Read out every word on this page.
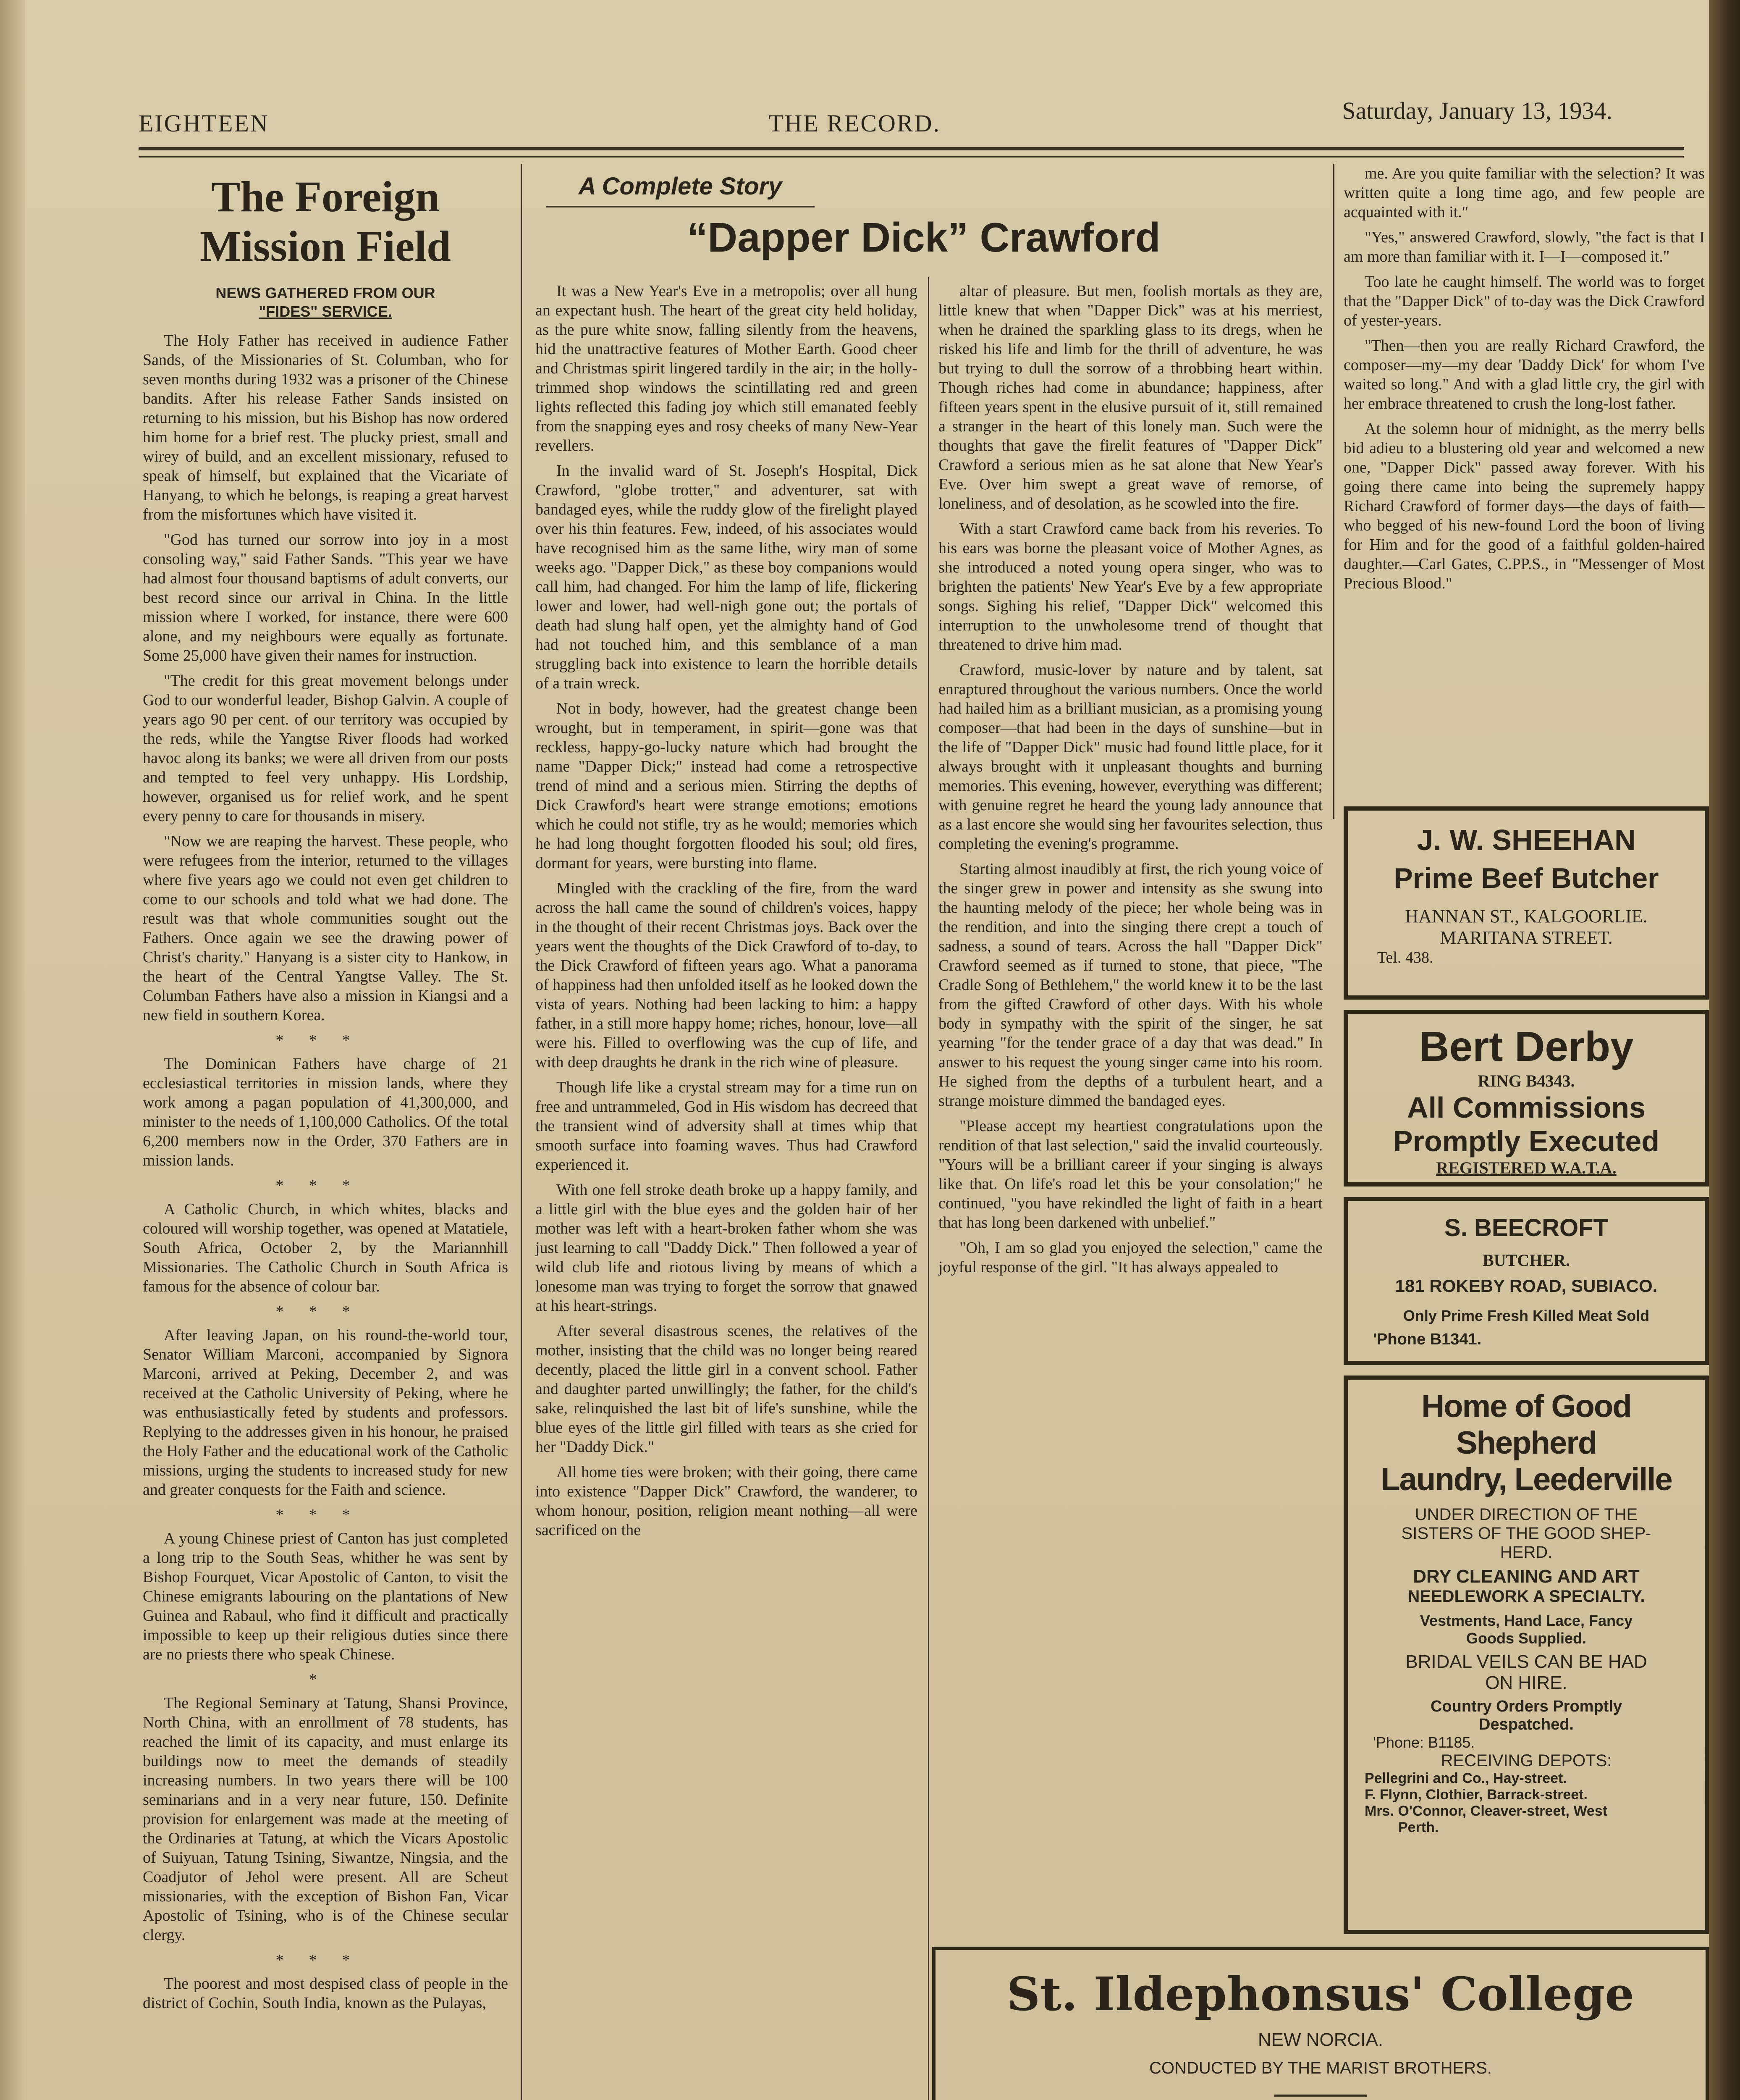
EIGHTEEN	THE RECORD.	Saturday, January 13, 1934.
The Foreign
Mission Field
NEWS GATHERED FROM OUR
"FIDES" SERVICE.

The Holy Father has received in audience Father Sands, of the Missionaries of St. Columban, who for seven months during 1932 was a prisoner of the Chinese bandits. After his release Father Sands insisted on returning to his mission, but his Bishop has now ordered him home for a brief rest. The plucky priest, small and wirey of build, and an excellent missionary, refused to speak of himself, but explained that the Vicariate of Hanyang, to which he belongs, is reaping a great harvest from the misfortunes which have visited it.

"God has turned our sorrow into joy in a most consoling way," said Father Sands. "This year we have had almost four thousand baptisms of adult converts, our best record since our arrival in China. In the little mission where I worked, for instance, there were 600 alone, and my neighbours were equally as fortunate. Some 25,000 have given their names for instruction.

"The credit for this great movement belongs under God to our wonderful leader, Bishop Galvin. A couple of years ago 90 per cent. of our territory was occupied by the reds, while the Yangtse River floods had worked havoc along its banks; we were all driven from our posts and tempted to feel very unhappy. His Lordship, however, organised us for relief work, and he spent every penny to care for thousands in misery.

"Now we are reaping the harvest. These people, who were refugees from the interior, returned to the villages where five years ago we could not even get children to come to our schools and told what we had done. The result was that whole communities sought out the Fathers. Once again we see the drawing power of Christ's charity." Hanyang is a sister city to Hankow, in the heart of the Central Yangtse Valley. The St. Columban Fathers have also a mission in Kiangsi and a new field in southern Korea.

***

The Dominican Fathers have charge of 21 ecclesiastical territories in mission lands, where they work among a pagan population of 41,300,000, and minister to the needs of 1,100,000 Catholics. Of the total 6,200 members now in the Order, 370 Fathers are in mission lands.

***

A Catholic Church, in which whites, blacks and coloured will worship together, was opened at Matatiele, South Africa, October 2, by the Mariannhill Missionaries. The Catholic Church in South Africa is famous for the absence of colour bar.

***

After leaving Japan, on his round-the-world tour, Senator William Marconi, accompanied by Signora Marconi, arrived at Peking, December 2, and was received at the Catholic University of Peking, where he was enthusiastically feted by students and professors. Replying to the addresses given in his honour, he praised the Holy Father and the educational work of the Catholic missions, urging the students to increased study for new and greater conquests for the Faith and science.

***

A young Chinese priest of Canton has just completed a long trip to the South Seas, whither he was sent by Bishop Fourquet, Vicar Apostolic of Canton, to visit the Chinese emigrants labouring on the plantations of New Guinea and Rabaul, who find it difficult and practically impossible to keep up their religious duties since there are no priests there who speak Chinese.

*

The Regional Seminary at Tatung, Shansi Province, North China, with an enrollment of 78 students, has reached the limit of its capacity, and must enlarge its buildings now to meet the demands of steadily increasing numbers. In two years there will be 100 seminarians and in a very near future, 150. Definite provision for enlargement was made at the meeting of the Ordinaries at Tatung, at which the Vicars Apostolic of Suiyuan, Tatung Tsining, Siwantze, Ningsia, and the Coadjutor of Jehol were present. All are Scheut missionaries, with the exception of Bishon Fan, Vicar Apostolic of Tsining, who is of the Chinese secular clergy.

***

The poorest and most despised class of people in the district of Cochin, South India, known as the Pulayas,

A Complete Story
“Dapper Dick” Crawford

It was a New Year's Eve in a metropolis; over all hung an expectant hush. The heart of the great city held holiday, as the pure white snow, falling silently from the heavens, hid the unattractive features of Mother Earth. Good cheer and Christmas spirit lingered tardily in the air; in the holly-trimmed shop windows the scintillating red and green lights reflected this fading joy which still emanated feebly from the snapping eyes and rosy cheeks of many New-Year revellers.

In the invalid ward of St. Joseph's Hospital, Dick Crawford, "globe trotter," and adventurer, sat with bandaged eyes, while the ruddy glow of the firelight played over his thin features. Few, indeed, of his associates would have recognised him as the same lithe, wiry man of some weeks ago. "Dapper Dick," as these boy companions would call him, had changed. For him the lamp of life, flickering lower and lower, had well-nigh gone out; the portals of death had slung half open, yet the almighty hand of God had not touched him, and this semblance of a man struggling back into existence to learn the horrible details of a train wreck.

Not in body, however, had the greatest change been wrought, but in temperament, in spirit—gone was that reckless, happy-go-lucky nature which had brought the name "Dapper Dick;" instead had come a retrospective trend of mind and a serious mien. Stirring the depths of Dick Crawford's heart were strange emotions; emotions which he could not stifle, try as he would; memories which he had long thought forgotten flooded his soul; old fires, dormant for years, were bursting into flame.

Mingled with the crackling of the fire, from the ward across the hall came the sound of children's voices, happy in the thought of their recent Christmas joys. Back over the years went the thoughts of the Dick Crawford of to-day, to the Dick Crawford of fifteen years ago. What a panorama of happiness had then unfolded itself as he looked down the vista of years. Nothing had been lacking to him: a happy father, in a still more happy home; riches, honour, love—all were his. Filled to overflowing was the cup of life, and with deep draughts he drank in the rich wine of pleasure.

Though life like a crystal stream may for a time run on free and untrammeled, God in His wisdom has decreed that the transient wind of adversity shall at times whip that smooth surface into foaming waves. Thus had Crawford experienced it.

With one fell stroke death broke up a happy family, and a little girl with the blue eyes and the golden hair of her mother was left with a heart-broken father whom she was just learning to call "Daddy Dick." Then followed a year of wild club life and riotous living by means of which a lonesome man was trying to forget the sorrow that gnawed at his heart-strings.

After several disastrous scenes, the relatives of the mother, insisting that the child was no longer being reared decently, placed the little girl in a convent school. Father and daughter parted unwillingly; the father, for the child's sake, relinquished the last bit of life's sunshine, while the blue eyes of the little girl filled with tears as she cried for her "Daddy Dick."

All home ties were broken; with their going, there came into existence "Dapper Dick" Crawford, the wanderer, to whom honour, position, religion meant nothing—all were sacrificed on the

altar of pleasure. But men, foolish mortals as they are, little knew that when "Dapper Dick" was at his merriest, when he drained the sparkling glass to its dregs, when he risked his life and limb for the thrill of adventure, he was but trying to dull the sorrow of a throbbing heart within. Though riches had come in abundance; happiness, after fifteen years spent in the elusive pursuit of it, still remained a stranger in the heart of this lonely man. Such were the thoughts that gave the firelit features of "Dapper Dick" Crawford a serious mien as he sat alone that New Year's Eve. Over him swept a great wave of remorse, of loneliness, and of desolation, as he scowled into the fire.

With a start Crawford came back from his reveries. To his ears was borne the pleasant voice of Mother Agnes, as she introduced a noted young opera singer, who was to brighten the patients' New Year's Eve by a few appropriate songs. Sighing his relief, "Dapper Dick" welcomed this interruption to the unwholesome trend of thought that threatened to drive him mad.

Crawford, music-lover by nature and by talent, sat enraptured throughout the various numbers. Once the world had hailed him as a brilliant musician, as a promising young composer—that had been in the days of sunshine—but in the life of "Dapper Dick" music had found little place, for it always brought with it unpleasant thoughts and burning memories. This evening, however, everything was different; with genuine regret he heard the young lady announce that as a last encore she would sing her favourites selection, thus completing the evening's programme.

Starting almost inaudibly at first, the rich young voice of the singer grew in power and intensity as she swung into the haunting melody of the piece; her whole being was in the rendition, and into the singing there crept a touch of sadness, a sound of tears. Across the hall "Dapper Dick" Crawford seemed as if turned to stone, that piece, "The Cradle Song of Bethlehem," the world knew it to be the last from the gifted Crawford of other days. With his whole body in sympathy with the spirit of the singer, he sat yearning "for the tender grace of a day that was dead." In answer to his request the young singer came into his room. He sighed from the depths of a turbulent heart, and a strange moisture dimmed the bandaged eyes.

"Please accept my heartiest congratulations upon the rendition of that last selection," said the invalid courteously. "Yours will be a brilliant career if your singing is always like that. On life's road let this be your consolation;" he continued, "you have rekindled the light of faith in a heart that has long been darkened with unbelief."

"Oh, I am so glad you enjoyed the selection," came the joyful response of the girl. "It has always appealed to

me. Are you quite familiar with the selection? It was written quite a long time ago, and few people are acquainted with it."

"Yes," answered Crawford, slowly, "the fact is that I am more than familiar with it. I—I—composed it."

Too late he caught himself. The world was to forget that the "Dapper Dick" of to-day was the Dick Crawford of yester-years.

"Then—then you are really Richard Crawford, the composer—my—my dear 'Daddy Dick' for whom I've waited so long." And with a glad little cry, the girl with her embrace threatened to crush the long-lost father.

At the solemn hour of midnight, as the merry bells bid adieu to a blustering old year and welcomed a new one, "Dapper Dick" passed away forever. With his going there came into being the supremely happy Richard Crawford of former days—the days of faith—who begged of his new-found Lord the boon of living for Him and for the good of a faithful golden-haired daughter.—Carl Gates, C.PP.S., in "Messenger of Most Precious Blood."

J. W. SHEEHAN
Prime Beef Butcher
HANNAN ST., KALGOORLIE.
MARITANA STREET.
Tel. 438.
Bert Derby
RING B4343.
All Commissions
Promptly Executed
REGISTERED W.A.T.A.
S. BEECROFT
BUTCHER.
181 ROKEBY ROAD, SUBIACO.
Only Prime Fresh Killed Meat Sold
'Phone B1341.
Home of Good Shepherd
Laundry, Leederville
UNDER DIRECTION OF THE
SISTERS OF THE GOOD SHEP-
HERD.
DRY CLEANING AND ART
NEEDLEWORK A SPECIALTY.
Vestments, Hand Lace, Fancy
Goods Supplied.
BRIDAL VEILS CAN BE HAD
ON HIRE.
Country Orders Promptly
Despatched.
'Phone: B1185.
RECEIVING DEPOTS:
Pellegrini and Co., Hay-street.
F. Flynn, Clothier, Barrack-street.
Mrs. O'Connor, Cleaver-street, West
Perth.
St. Ildephonsus' College
NEW NORCIA.
CONDUCTED BY THE MARIST BROTHERS.
